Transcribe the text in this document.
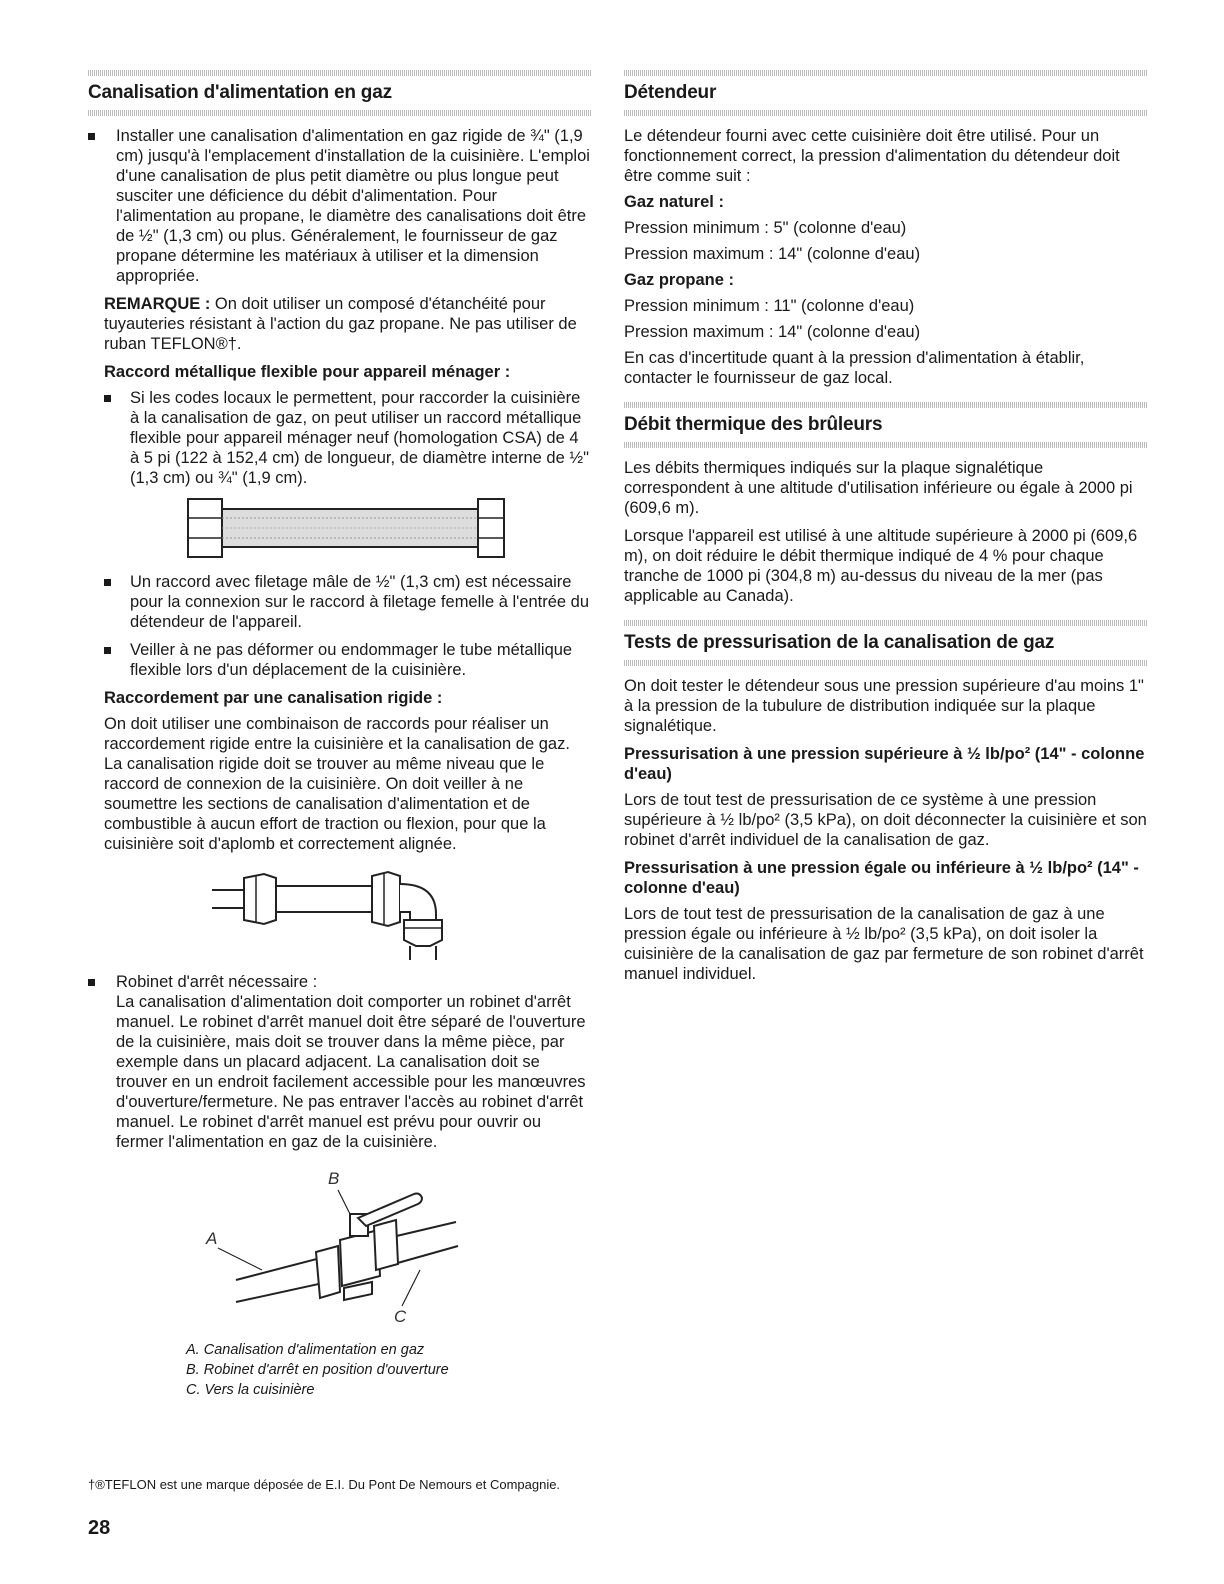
Canalisation d'alimentation en gaz
Installer une canalisation d'alimentation en gaz rigide de ¾" (1,9 cm) jusqu'à l'emplacement d'installation de la cuisinière. L'emploi d'une canalisation de plus petit diamètre ou plus longue peut susciter une déficience du débit d'alimentation. Pour l'alimentation au propane, le diamètre des canalisations doit être de ½" (1,3 cm) ou plus. Généralement, le fournisseur de gaz propane détermine les matériaux à utiliser et la dimension appropriée.

REMARQUE : On doit utiliser un composé d'étanchéité pour tuyauteries résistant à l'action du gaz propane. Ne pas utiliser de ruban TEFLON®†.

Raccord métallique flexible pour appareil ménager :
Si les codes locaux le permettent, pour raccorder la cuisinière à la canalisation de gaz, on peut utiliser un raccord métallique flexible pour appareil ménager neuf (homologation CSA) de 4 à 5 pi (122 à 152,4 cm) de longueur, de diamètre interne de ½" (1,3 cm) ou ¾" (1,9 cm).
Un raccord avec filetage mâle de ½" (1,3 cm) est nécessaire pour la connexion sur le raccord à filetage femelle à l'entrée du détendeur de l'appareil.
Veiller à ne pas déformer ou endommager le tube métallique flexible lors d'un déplacement de la cuisinière.
Raccordement par une canalisation rigide :

On doit utiliser une combinaison de raccords pour réaliser un raccordement rigide entre la cuisinière et la canalisation de gaz. La canalisation rigide doit se trouver au même niveau que le raccord de connexion de la cuisinière. On doit veiller à ne soumettre les sections de canalisation d'alimentation et de combustible à aucun effort de traction ou flexion, pour que la cuisinière soit d'aplomb et correctement alignée.

Robinet d'arrêt nécessaire :
La canalisation d'alimentation doit comporter un robinet d'arrêt manuel. Le robinet d'arrêt manuel doit être séparé de l'ouverture de la cuisinière, mais doit se trouver dans la même pièce, par exemple dans un placard adjacent. La canalisation doit se trouver en un endroit facilement accessible pour les manœuvres d'ouverture/fermeture. Ne pas entraver l'accès au robinet d'arrêt manuel. Le robinet d'arrêt manuel est prévu pour ouvrir ou fermer l'alimentation en gaz de la cuisinière.
B
A
C
A. Canalisation d'alimentation en gaz
B. Robinet d'arrêt en position d'ouverture
C. Vers la cuisinière
Détendeur

Le détendeur fourni avec cette cuisinière doit être utilisé. Pour un fonctionnement correct, la pression d'alimentation du détendeur doit être comme suit :

Gaz naturel :

Pression minimum : 5" (colonne d'eau)

Pression maximum : 14" (colonne d'eau)

Gaz propane :

Pression minimum : 11" (colonne d'eau)

Pression maximum : 14" (colonne d'eau)

En cas d'incertitude quant à la pression d'alimentation à établir, contacter le fournisseur de gaz local.

Débit thermique des brûleurs

Les débits thermiques indiqués sur la plaque signalétique correspondent à une altitude d'utilisation inférieure ou égale à 2000 pi (609,6 m).

Lorsque l'appareil est utilisé à une altitude supérieure à 2000 pi (609,6 m), on doit réduire le débit thermique indiqué de 4 % pour chaque tranche de 1000 pi (304,8 m) au-dessus du niveau de la mer (pas applicable au Canada).

Tests de pressurisation de la canalisation de gaz

On doit tester le détendeur sous une pression supérieure d'au moins 1" à la pression de la tubulure de distribution indiquée sur la plaque signalétique.

Pressurisation à une pression supérieure à ½ lb/po² (14" - colonne d'eau)

Lors de tout test de pressurisation de ce système à une pression supérieure à ½ lb/po² (3,5 kPa), on doit déconnecter la cuisinière et son robinet d'arrêt individuel de la canalisation de gaz.

Pressurisation à une pression égale ou inférieure à ½ lb/po² (14" - colonne d'eau)

Lors de tout test de pressurisation de la canalisation de gaz à une pression égale ou inférieure à ½ lb/po² (3,5 kPa), on doit isoler la cuisinière de la canalisation de gaz par fermeture de son robinet d'arrêt manuel individuel.

†®TEFLON est une marque déposée de E.I. Du Pont De Nemours et Compagnie.
28
